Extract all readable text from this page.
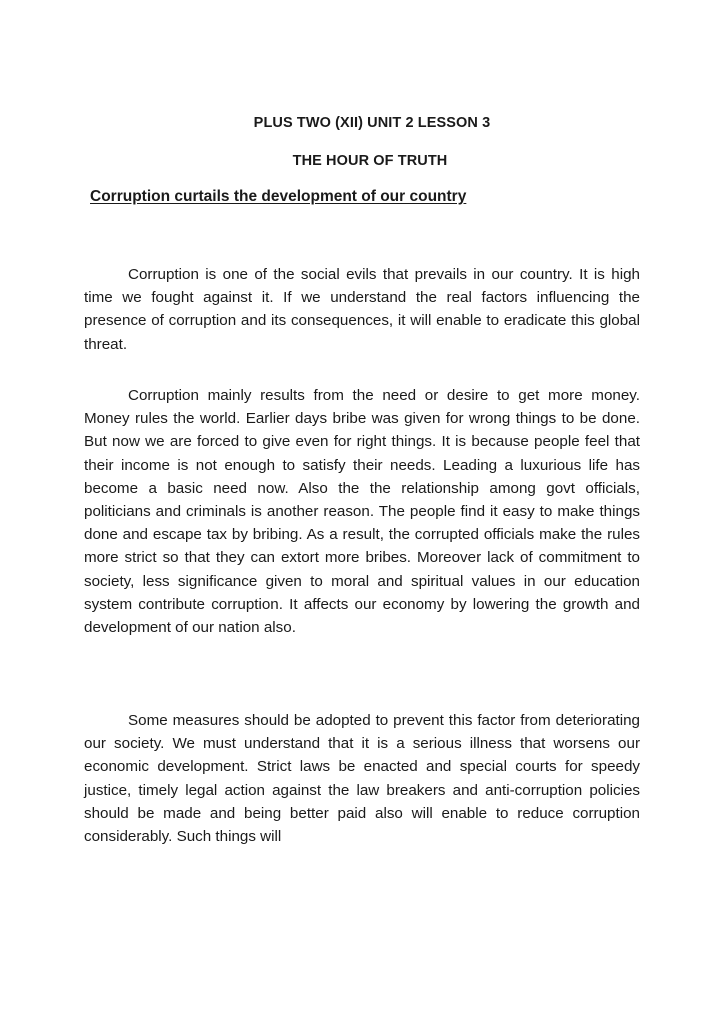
PLUS TWO (XII) UNIT 2 LESSON 3
THE HOUR OF TRUTH
Corruption curtails the development of our country

Corruption is one of the social evils that prevails in our country. It is high time we fought against it. If we understand the real factors influencing the presence of corruption and its consequences, it will enable to eradicate this global threat.

Corruption mainly results from the need or desire to get more money. Money rules the world. Earlier days bribe was given for wrong things to be done. But now we are forced to give even for right things. It is because people feel that their income is not enough to satisfy their needs. Leading a luxurious life has become a basic need now. Also the the relationship among govt officials, politicians and criminals is another reason. The people find it easy to make things done and escape tax by bribing. As a result, the corrupted officials make the rules more strict so that they can extort more bribes. Moreover lack of commitment to society, less significance given to moral and spiritual values in our education system contribute corruption. It affects our economy by lowering the growth and development of our nation also.

Some measures should be adopted to prevent this factor from deteriorating our society. We must understand that it is a serious illness that worsens our economic development. Strict laws be enacted and special courts for speedy justice, timely legal action against the law breakers and anti-corruption policies should be made and being better paid also will enable to reduce corruption considerably. Such things will
